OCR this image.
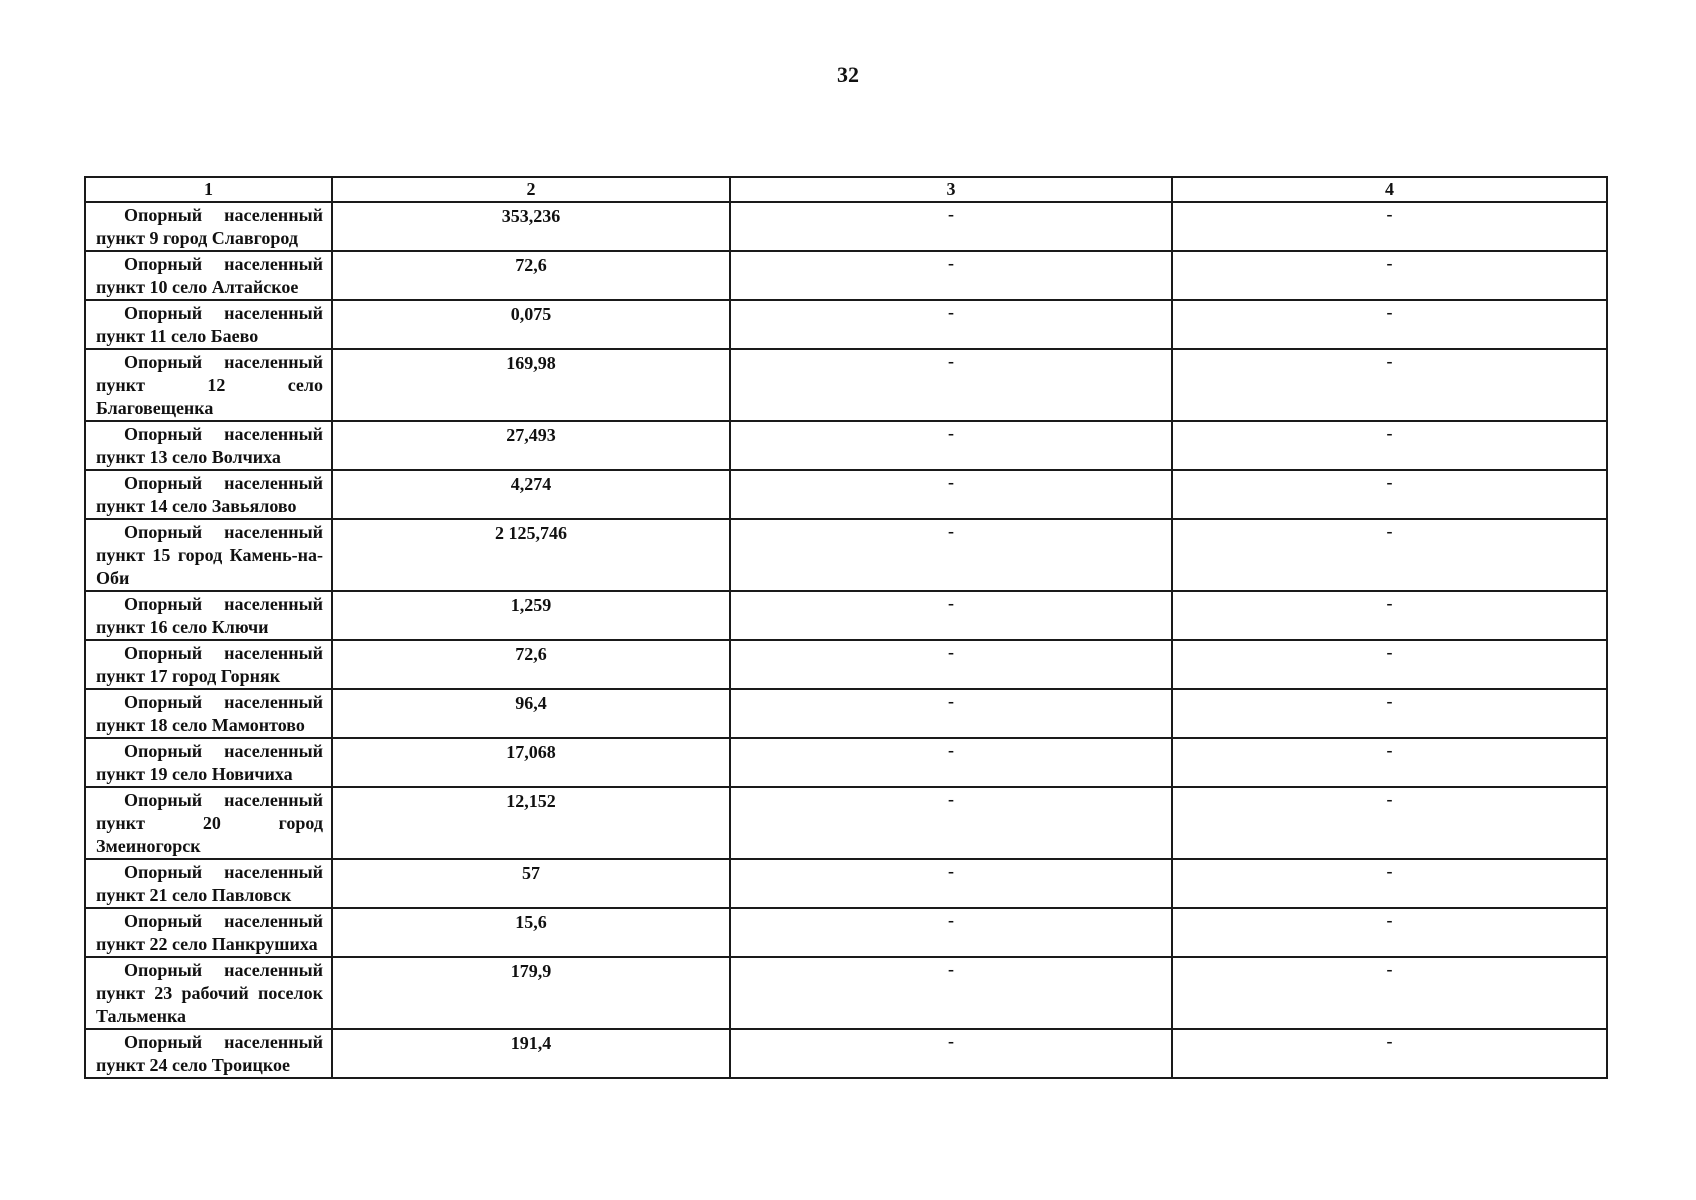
32
1	2	3	4

Опорный населенный пункт 9 город Славгород	353,236	-	-

Опорный населенный пункт 10 село Алтайское	72,6	-	-

Опорный населенный пункт 11 село Баево	0,075	-	-

Опорный населенный пункт 12 село Благовещенка	169,98	-	-

Опорный населенный пункт 13 село Волчиха	27,493	-	-

Опорный населенный пункт 14 село Завьялово	4,274	-	-

Опорный населенный пункт 15 город Камень-на-Оби	2 125,746	-	-

Опорный населенный пункт 16 село Ключи	1,259	-	-

Опорный населенный пункт 17 город Горняк	72,6	-	-

Опорный населенный пункт 18 село Мамонтово	96,4	-	-

Опорный населенный пункт 19 село Новичиха	17,068	-	-

Опорный населенный пункт 20 город Змеиногорск	12,152	-	-

Опорный населенный пункт 21 село Павловск	57	-	-

Опорный населенный пункт 22 село Панкрушиха	15,6	-	-

Опорный населенный пункт 23 рабочий поселок Тальменка	179,9	-	-

Опорный населенный пункт 24 село Троицкое	191,4	-	-
